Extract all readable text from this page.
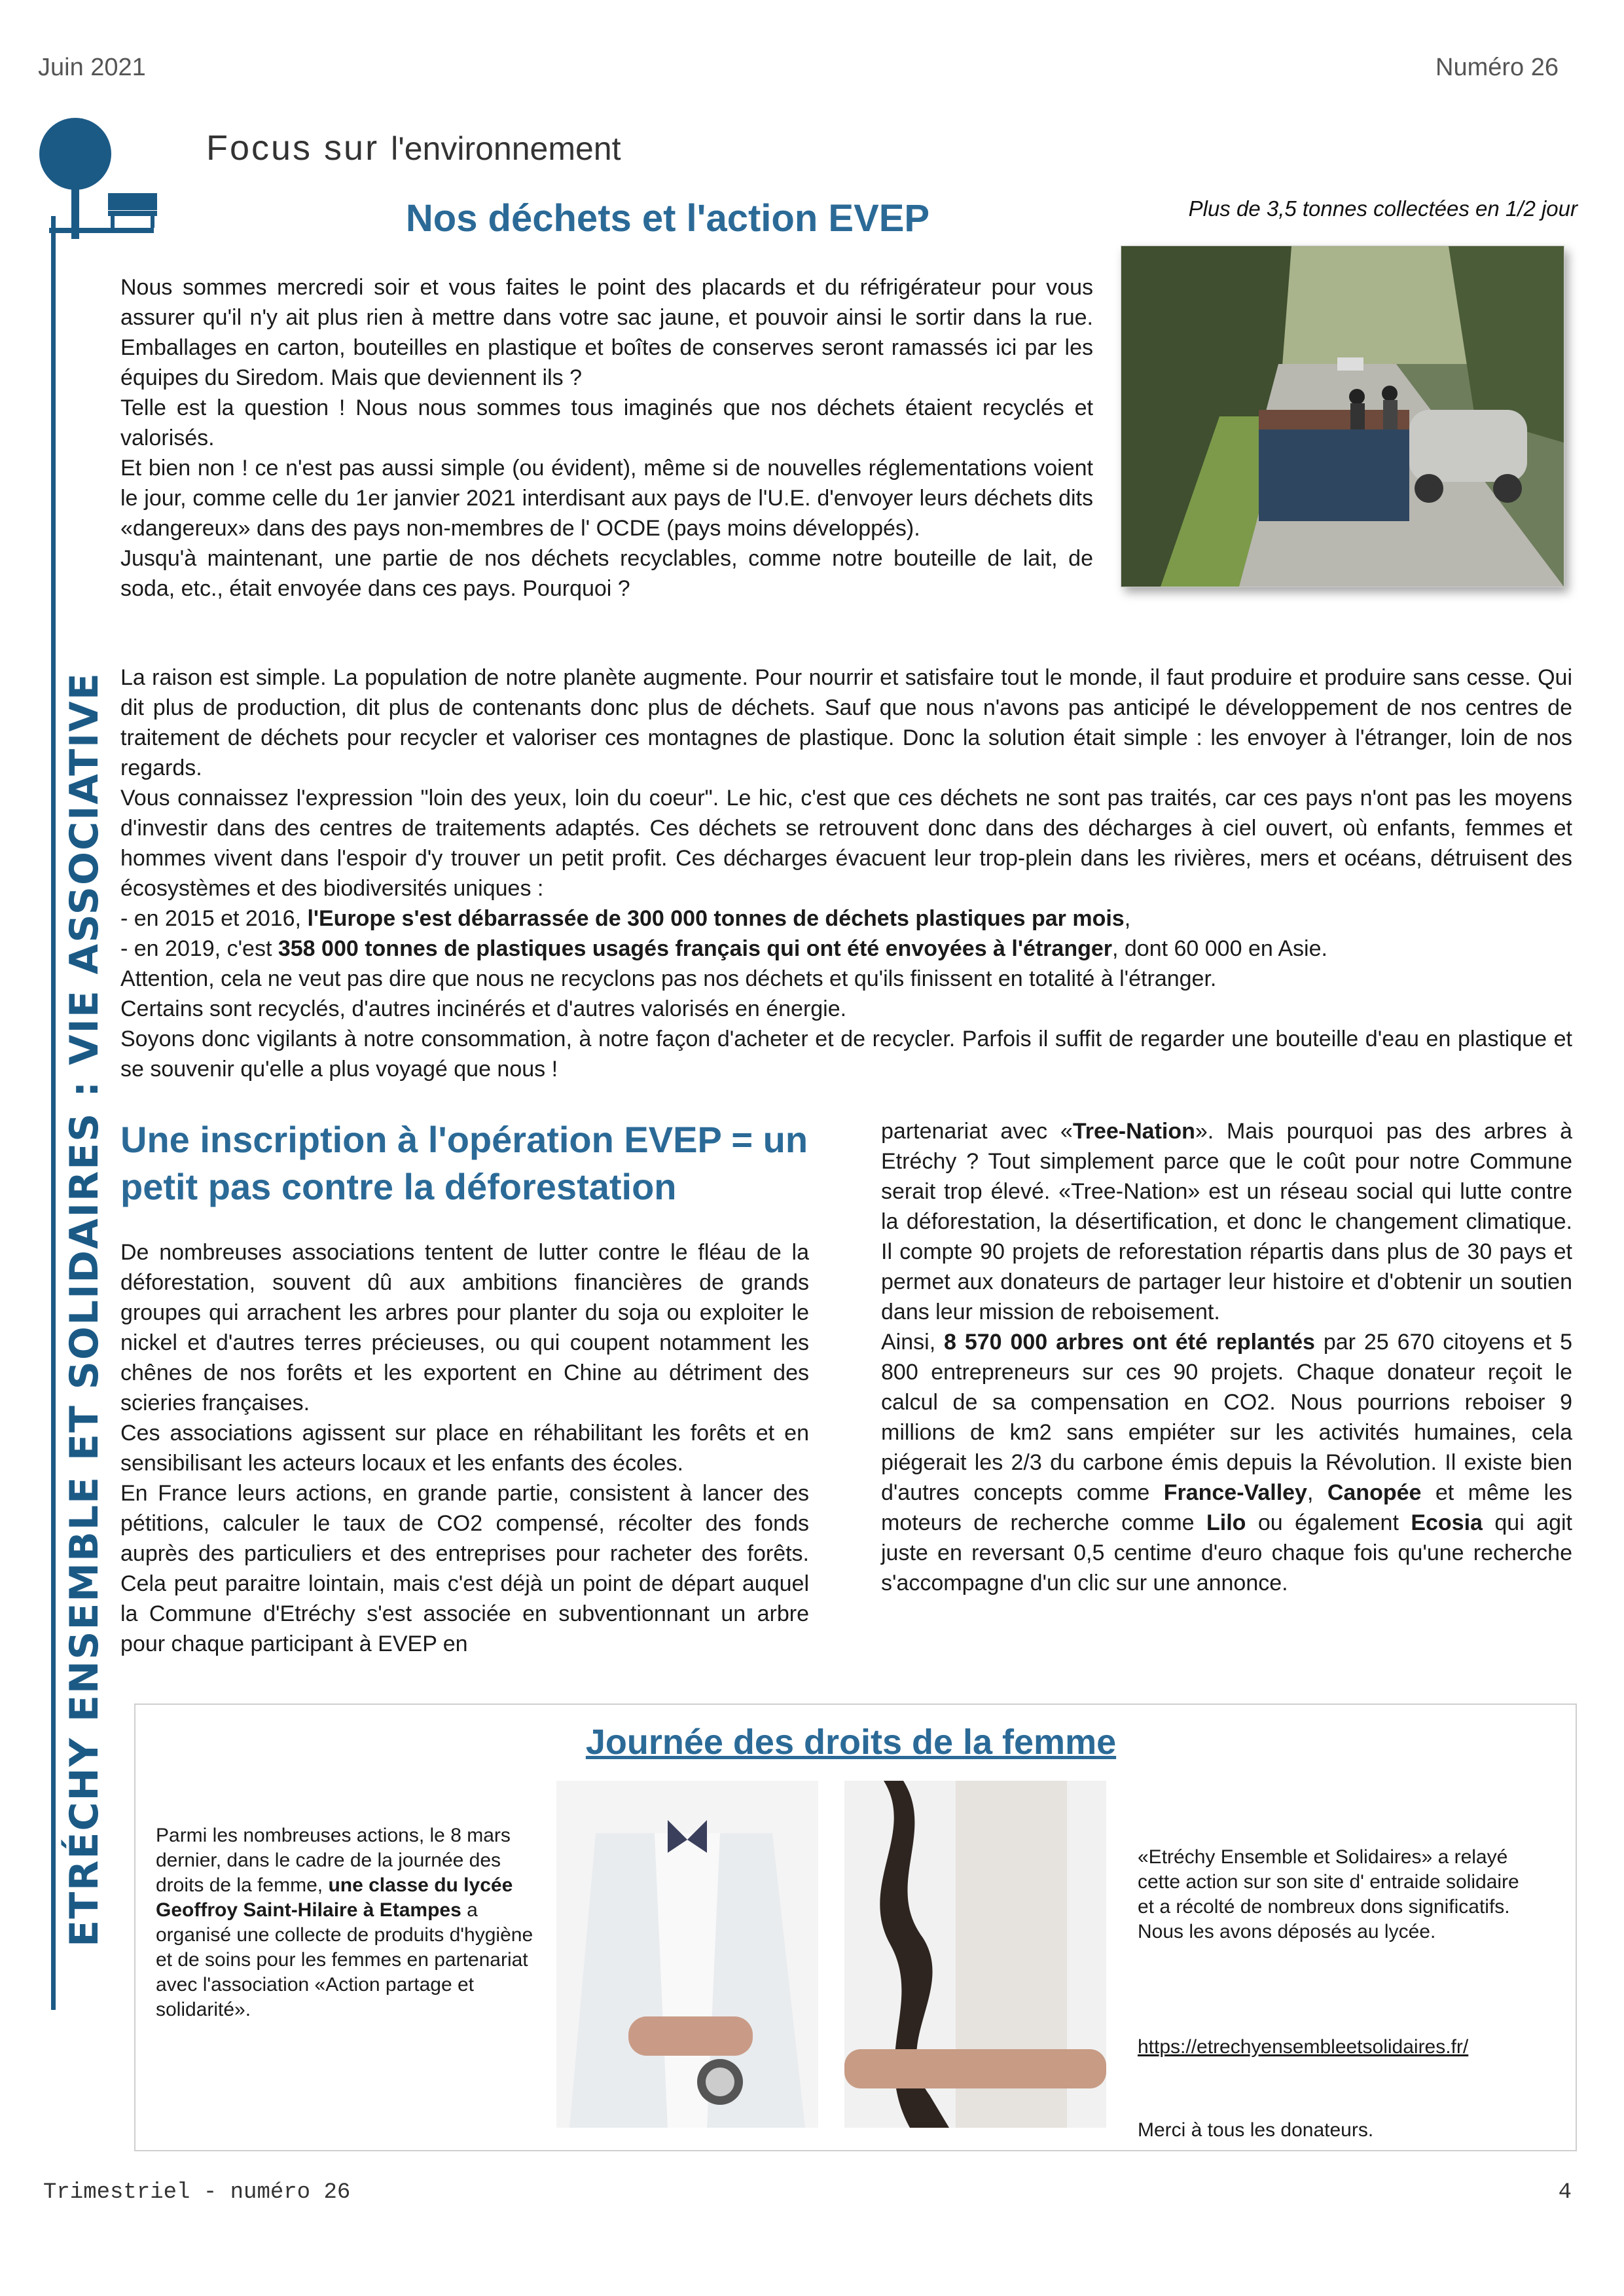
Juin 2021	Numéro 26
ETRÉCHY ENSEMBLE ET SOLIDAIRES : VIE ASSOCIATIVE
Focus sur l'environnement
Nos déchets et l'action EVEP	Plus de 3,5 tonnes collectées en 1/2 jour

Nous sommes mercredi soir et vous faites le point des placards et du réfrigérateur pour vous assurer qu'il n'y ait plus rien à mettre dans votre sac jaune, et pouvoir ainsi le sortir dans la rue. Emballages en carton, bouteilles en plastique et boîtes de conserves seront ramassés ici par les équipes du Siredom. Mais que deviennent ils ?

Telle est la question ! Nous nous sommes tous imaginés que nos déchets étaient recyclés et valorisés.

Et bien non ! ce n'est pas aussi simple (ou évident), même si de nouvelles réglementations voient le jour, comme celle du 1er janvier 2021 interdisant aux pays de l'U.E. d'envoyer leurs déchets dits «dangereux» dans des pays non-membres de l' OCDE (pays moins développés).

Jusqu'à maintenant, une partie de nos déchets recyclables, comme notre bouteille de lait, de soda, etc., était envoyée dans ces pays. Pourquoi ?

La raison est simple. La population de notre planète augmente. Pour nourrir et satisfaire tout le monde, il faut produire et produire sans cesse. Qui dit plus de production, dit plus de contenants donc plus de déchets. Sauf que nous n'avons pas anticipé le développement de nos centres de traitement de déchets pour recycler et valoriser ces montagnes de plastique. Donc la solution était simple : les envoyer à l'étranger, loin de nos regards.

Vous connaissez l'expression "loin des yeux, loin du coeur". Le hic, c'est que ces déchets ne sont pas traités, car ces pays n'ont pas les moyens d'investir dans des centres de traitements adaptés. Ces déchets se retrouvent donc dans des décharges à ciel ouvert, où enfants, femmes et hommes vivent dans l'espoir d'y trouver un petit profit. Ces décharges évacuent leur trop-plein dans les rivières, mers et océans, détruisent des écosystèmes et des biodiversités uniques :

- en 2015 et 2016, l'Europe s'est débarrassée de 300 000 tonnes de déchets plastiques par mois,

- en 2019, c'est 358 000 tonnes de plastiques usagés français qui ont été envoyées à l'étranger, dont 60 000 en Asie.

Attention, cela ne veut pas dire que nous ne recyclons pas nos déchets et qu'ils finissent en totalité à l'étranger.

Certains sont recyclés, d'autres incinérés et d'autres valorisés en énergie.

Soyons donc vigilants à notre consommation, à notre façon d'acheter et de recycler. Parfois il suffit de regarder une bouteille d'eau en plastique et se souvenir qu'elle a plus voyagé que nous !

Une inscription à l'opération EVEP = un petit pas contre la déforestation

De nombreuses associations tentent de lutter contre le fléau de la déforestation, souvent dû aux ambitions financières de grands groupes qui arrachent les arbres pour planter du soja ou exploiter le nickel et d'autres terres précieuses, ou qui coupent notamment les chênes de nos forêts et les exportent en Chine au détriment des scieries françaises.

Ces associations agissent sur place en réhabilitant les forêts et en sensibilisant les acteurs locaux et les enfants des écoles.

En France leurs actions, en grande partie, consistent à lancer des pétitions, calculer le taux de CO2 compensé, récolter des fonds auprès des particuliers et des entreprises pour racheter des forêts. Cela peut paraitre lointain, mais c'est déjà un point de départ auquel la Commune d'Etréchy s'est associée en subventionnant un arbre pour chaque participant à EVEP en

partenariat avec «Tree-Nation». Mais pourquoi pas des arbres à Etréchy ? Tout simplement parce que le coût pour notre Commune serait trop élevé. «Tree-Nation» est un réseau social qui lutte contre la déforestation, la désertification, et donc le changement climatique. Il compte 90 projets de reforestation répartis dans plus de 30 pays et permet aux donateurs de partager leur histoire et d'obtenir un soutien dans leur mission de reboisement.

Ainsi, 8 570 000 arbres ont été replantés par 25 670 citoyens et 5 800 entrepreneurs sur ces 90 projets. Chaque donateur reçoit le calcul de sa compensation en CO2. Nous pourrions reboiser 9 millions de km2 sans empiéter sur les activités humaines, cela piégerait les 2/3 du carbone émis depuis la Révolution. Il existe bien d'autres concepts comme France-Valley, Canopée et même les moteurs de recherche comme Lilo ou également Ecosia qui agit juste en reversant 0,5 centime d'euro chaque fois qu'une recherche s'accompagne d'un clic sur une annonce.

Journée des droits de la femme
Parmi les nombreuses actions, le 8 mars dernier, dans le cadre de la journée des droits de la femme, une classe du lycée Geoffroy Saint-Hilaire à Etampes a organisé une collecte de produits d'hygiène et de soins pour les femmes en partenariat avec l'association «Action partage et solidarité».
«Etréchy Ensemble et Solidaires» a relayé cette action sur son site d' entraide solidaire et a récolté de nombreux dons significatifs.
Nous les avons déposés au lycée.
https://etrechyensembleetsolidaires.fr/
Merci à tous les donateurs.
Trimestriel - numéro 26	4
